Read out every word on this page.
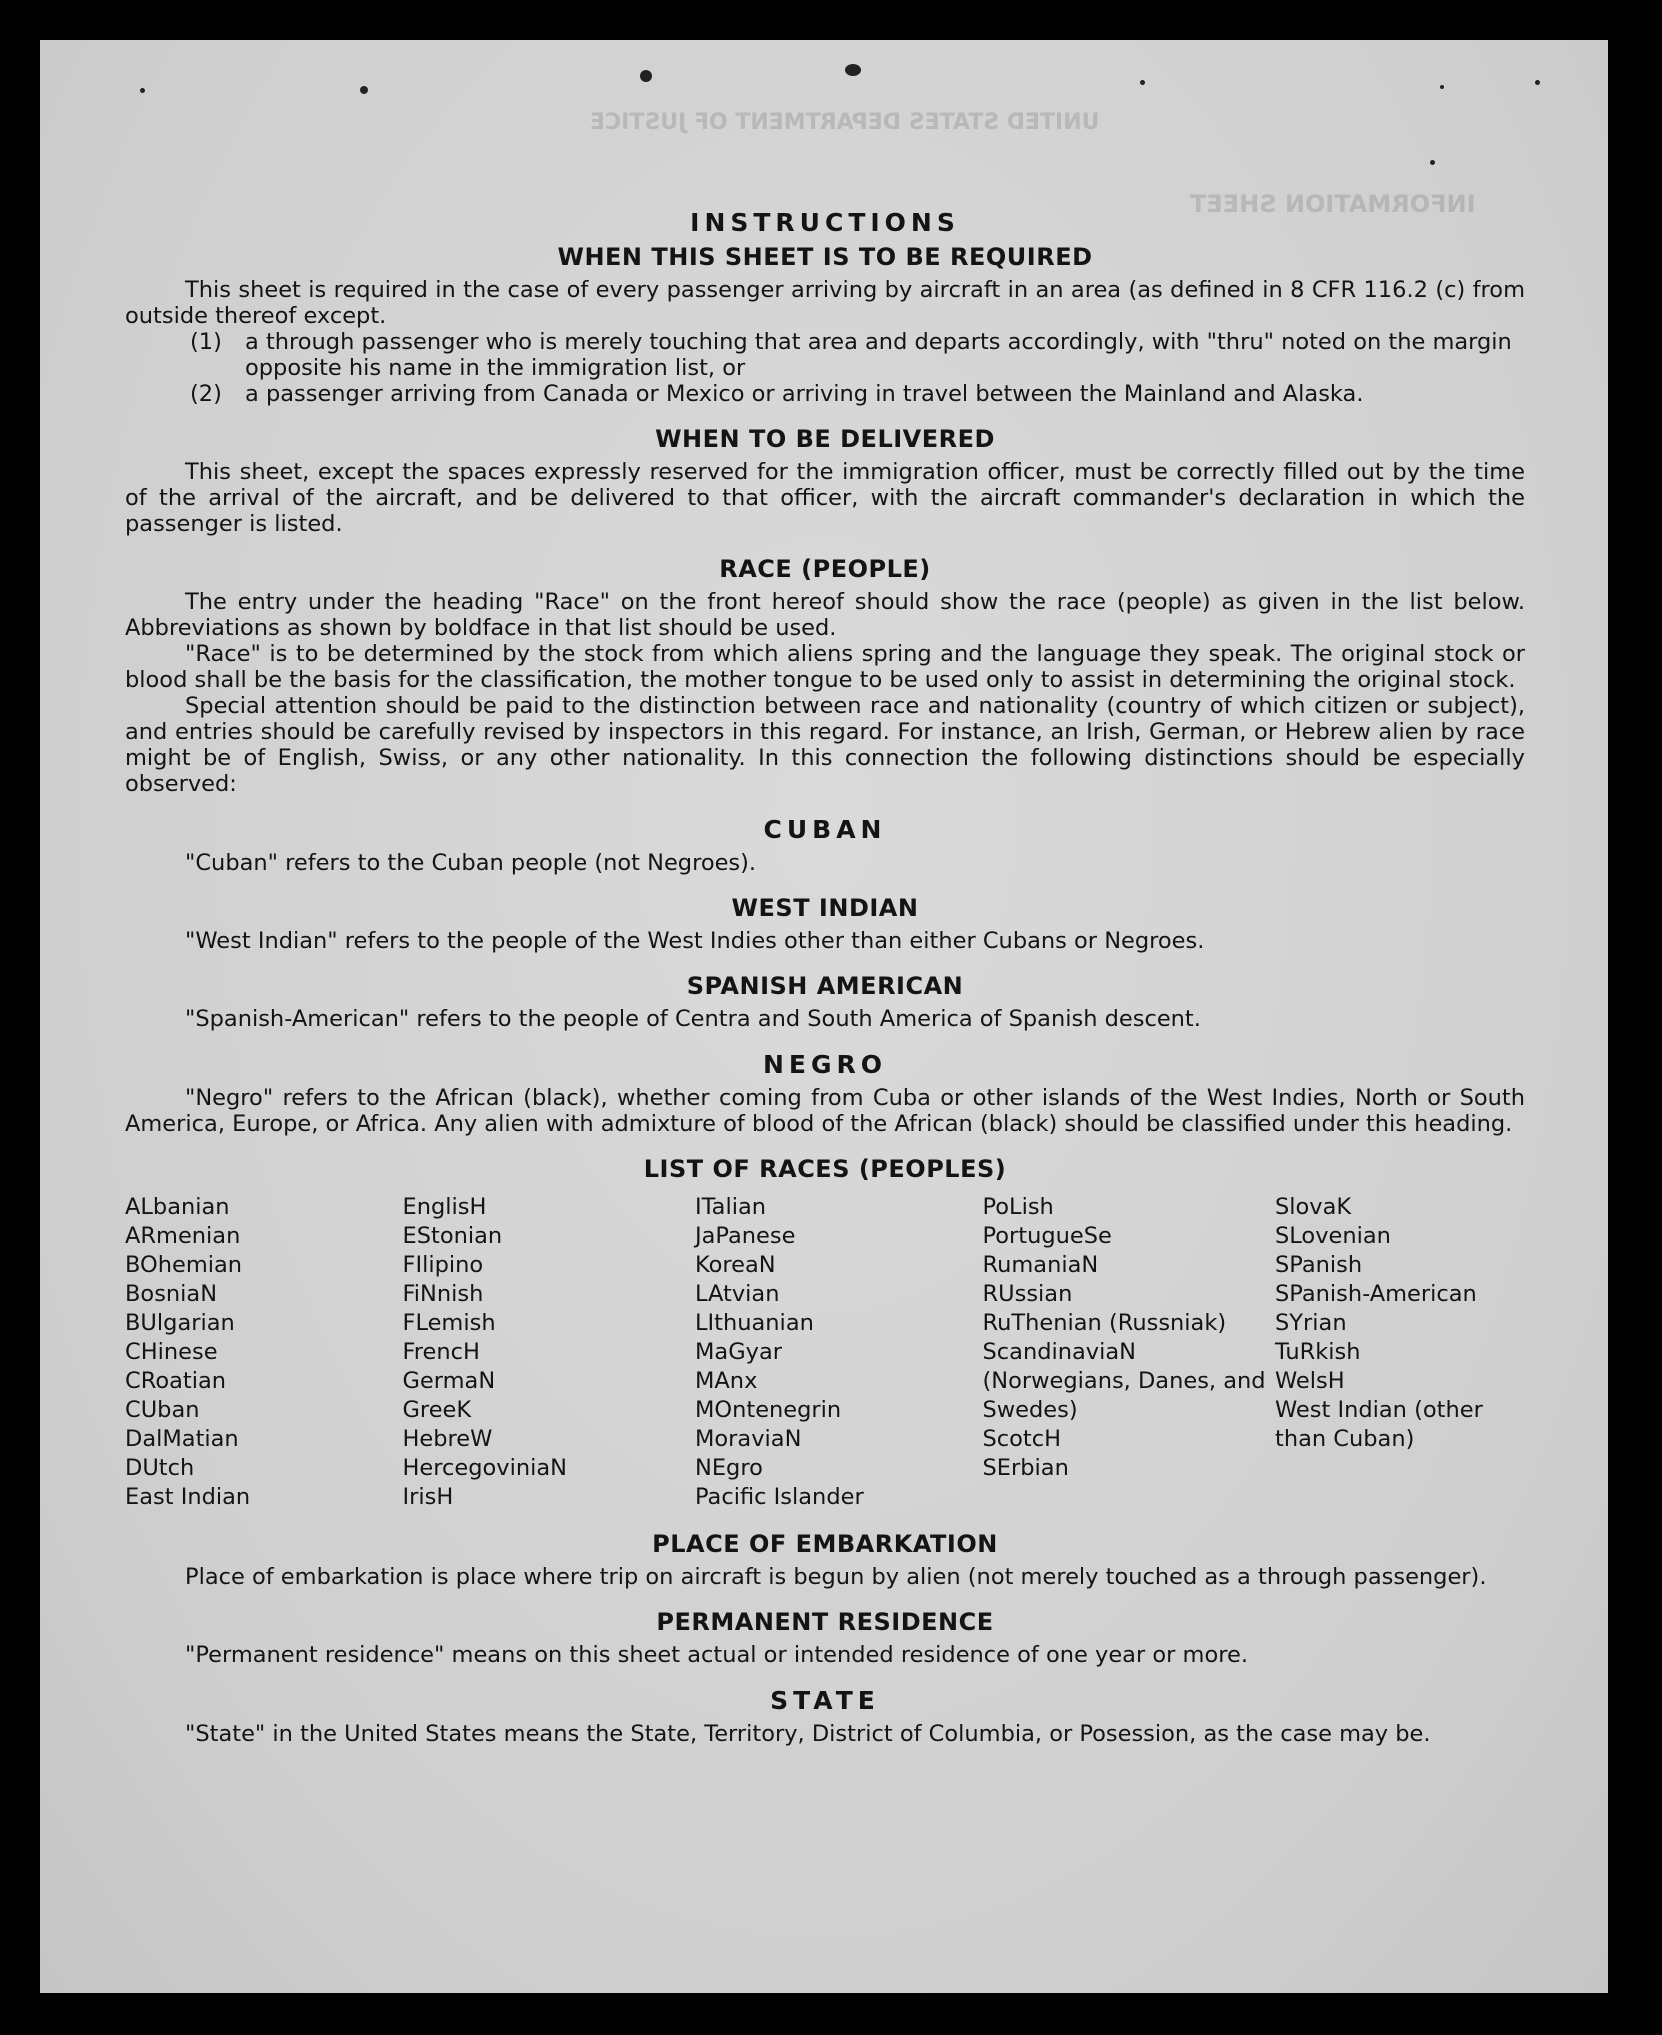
UNITED STATES DEPARTMENT OF JUSTICE
INFORMATION SHEET
INSTRUCTIONS
WHEN THIS SHEET IS TO BE REQUIRED

This sheet is required in the case of every passenger arriving by aircraft in an area (as defined in 8 CFR 116.2 (c) from outside thereof except.

(1) a through passenger who is merely touching that area and departs accordingly, with "thru" noted on the margin opposite his name in the immigration list, or

(2) a passenger arriving from Canada or Mexico or arriving in travel between the Mainland and Alaska.

WHEN TO BE DELIVERED

This sheet, except the spaces expressly reserved for the immigration officer, must be correctly filled out by the time of the arrival of the aircraft, and be delivered to that officer, with the aircraft commander's declaration in which the passenger is listed.

RACE (PEOPLE)

The entry under the heading "Race" on the front hereof should show the race (people) as given in the list below. Abbreviations as shown by boldface in that list should be used.

"Race" is to be determined by the stock from which aliens spring and the language they speak. The original stock or blood shall be the basis for the classification, the mother tongue to be used only to assist in determining the original stock.

Special attention should be paid to the distinction between race and nationality (country of which citizen or subject), and entries should be carefully revised by inspectors in this regard. For instance, an Irish, German, or Hebrew alien by race might be of English, Swiss, or any other nationality. In this connection the following distinctions should be especially observed:

CUBAN

"Cuban" refers to the Cuban people (not Negroes).

WEST INDIAN

"West Indian" refers to the people of the West Indies other than either Cubans or Negroes.

SPANISH AMERICAN

"Spanish-American" refers to the people of Centra and South America of Spanish descent.

NEGRO

"Negro" refers to the African (black), whether coming from Cuba or other islands of the West Indies, North or South America, Europe, or Africa. Any alien with admixture of blood of the African (black) should be classified under this heading.

LIST OF RACES (PEOPLES)
ALbanian
ARmenian
BOhemian
BosniaN
BUlgarian
CHinese
CRoatian
CUban
DalMatian
DUtch
East Indian
EnglisH
EStonian
FIlipino
FiNnish
FLemish
FrencH
GermaN
GreeK
HebreW
HercegoviniaN
IrisH
ITalian
JaPanese
KoreaN
LAtvian
LIthuanian
MaGyar
MAnx
MOntenegrin
MoraviaN
NEgro
Pacific Islander
PoLish
PortugueSe
RumaniaN
RUssian
RuThenian (Russniak)
ScandinaviaN (Norwegians, Danes, and Swedes)
ScotcH
SErbian
SlovaK
SLovenian
SPanish
SPanish-American
SYrian
TuRkish
WelsH
West Indian (other than Cuban)
PLACE OF EMBARKATION

Place of embarkation is place where trip on aircraft is begun by alien (not merely touched as a through passenger).

PERMANENT RESIDENCE

"Permanent residence" means on this sheet actual or intended residence of one year or more.

STATE

"State" in the United States means the State, Territory, District of Columbia, or Posession, as the case may be.
